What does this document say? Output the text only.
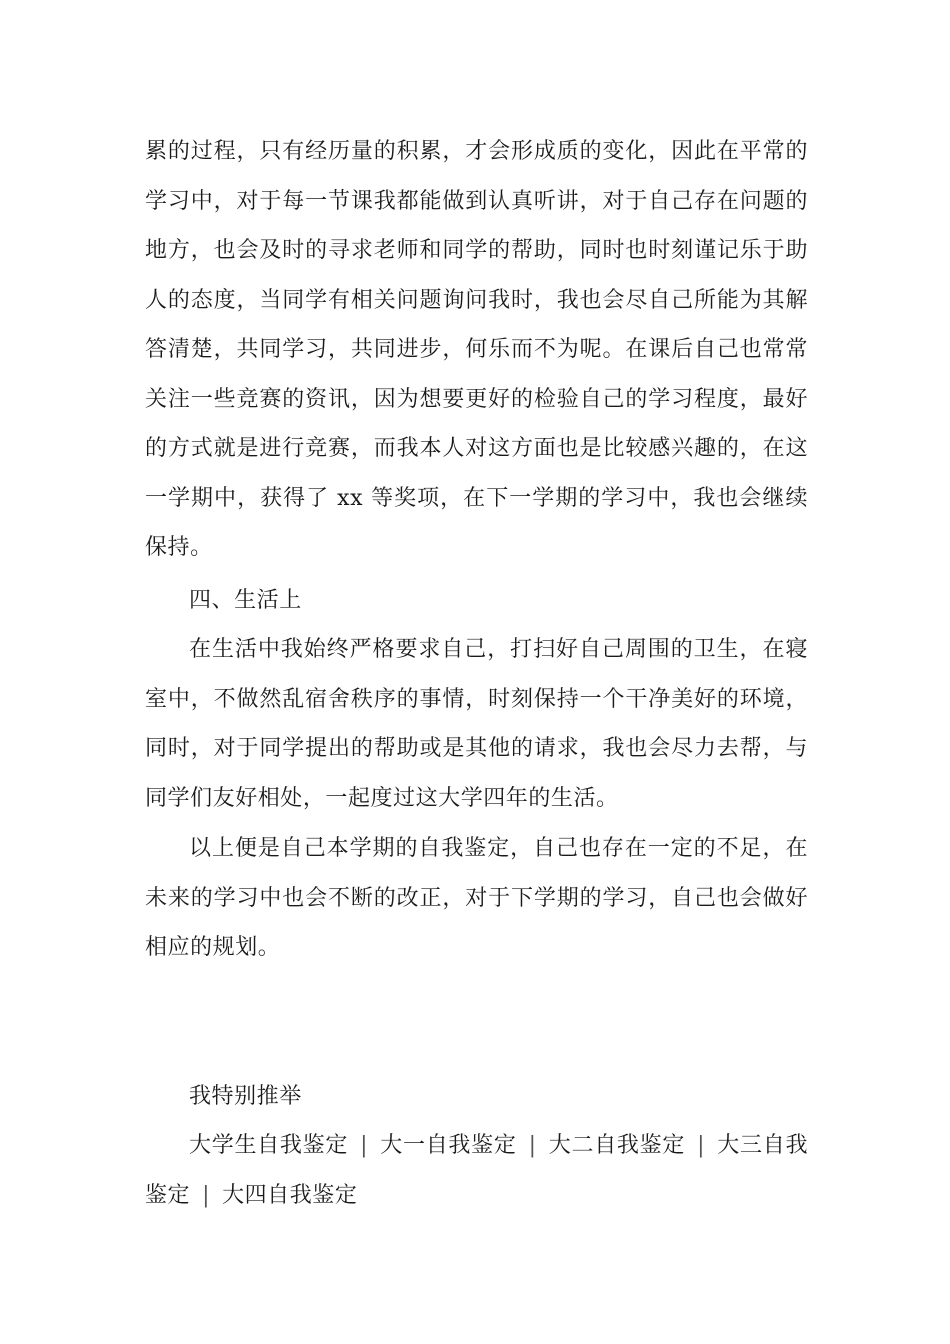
累的过程，只有经历量的积累，才会形成质的变化，因此在平常的学习中，对于每一节课我都能做到认真听讲，对于自己存在问题的地方，也会及时的寻求老师和同学的帮助，同时也时刻谨记乐于助人的态度，当同学有相关问题询问我时，我也会尽自己所能为其解答清楚，共同学习，共同进步，何乐而不为呢。在课后自己也常常关注一些竞赛的资讯，因为想要更好的检验自己的学习程度，最好的方式就是进行竞赛，而我本人对这方面也是比较感兴趣的，在这一学期中，获得了 xx 等奖项，在下一学期的学习中，我也会继续保持。

四、生活上

在生活中我始终严格要求自己，打扫好自己周围的卫生，在寝室中，不做然乱宿舍秩序的事情，时刻保持一个干净美好的环境，同时，对于同学提出的帮助或是其他的请求，我也会尽力去帮，与同学们友好相处，一起度过这大学四年的生活。

以上便是自己本学期的自我鉴定，自己也存在一定的不足，在未来的学习中也会不断的改正，对于下学期的学习，自己也会做好相应的规划。

我特别推举

大学生自我鉴定 | 大一自我鉴定 | 大二自我鉴定 | 大三自我鉴定 | 大四自我鉴定
